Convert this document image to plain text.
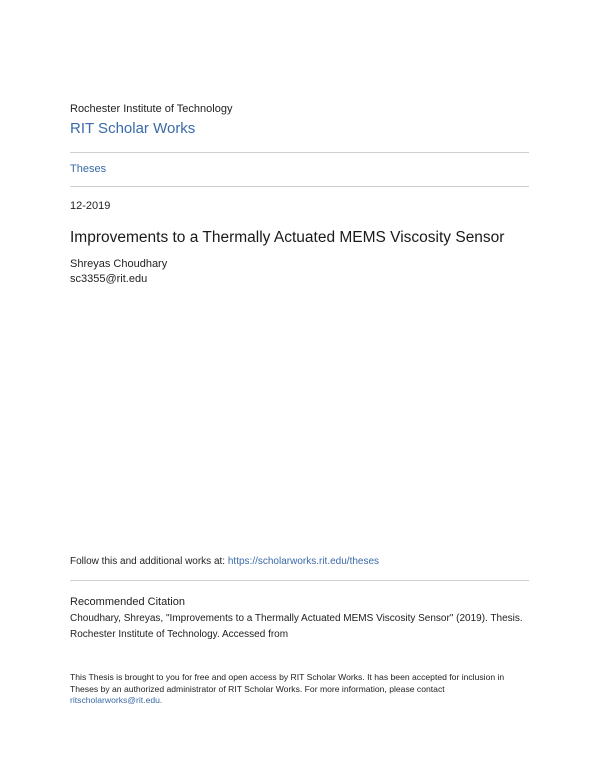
Rochester Institute of Technology
RIT Scholar Works
Theses
12-2019
Improvements to a Thermally Actuated MEMS Viscosity Sensor
Shreyas Choudhary
sc3355@rit.edu
Follow this and additional works at: https://scholarworks.rit.edu/theses
Recommended Citation
Choudhary, Shreyas, "Improvements to a Thermally Actuated MEMS Viscosity Sensor" (2019). Thesis.
Rochester Institute of Technology. Accessed from
This Thesis is brought to you for free and open access by RIT Scholar Works. It has been accepted for inclusion in
Theses by an authorized administrator of RIT Scholar Works. For more information, please contact
ritscholarworks@rit.edu.
